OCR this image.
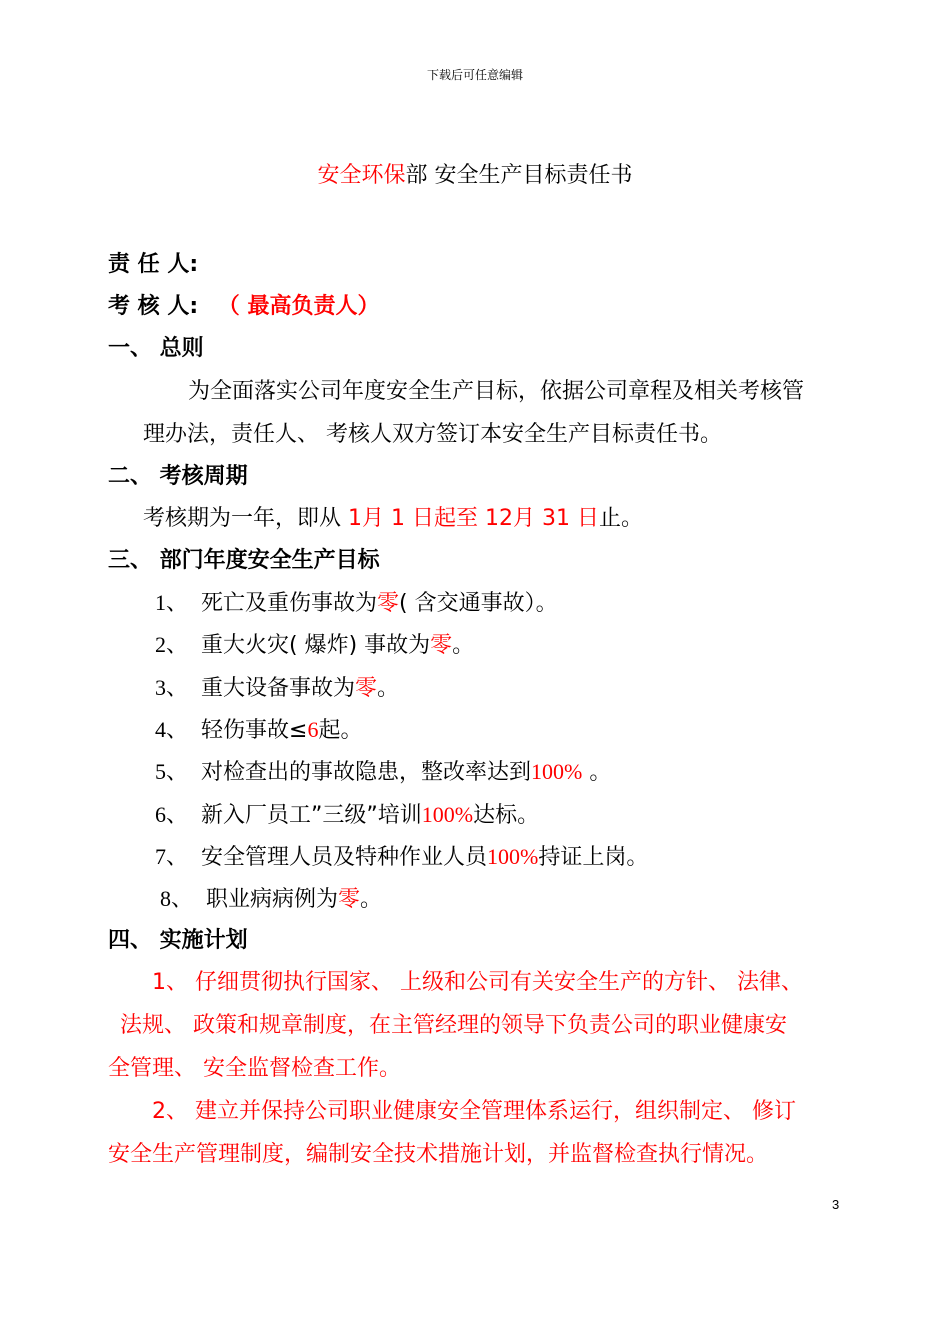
下载后可任意编辑
安全环保部 安全生产目标责任书
责 任 人:
考 核 人: （ 最高负责人）
一、 总则
为全面落实公司年度安全生产目标，依据公司章程及相关考核管
理办法，责任人、 考核人双方签订本安全生产目标责任书。
二、 考核周期
考核期为一年，即从 1月 1 日起至 12月 31 日止。
三、 部门年度安全生产目标
1、 死亡及重伤事故为零( 含交通事故）。
2、 重大火灾( 爆炸) 事故为零。
3、 重大设备事故为零。
4、 轻伤事故≤6起。
5、 对检查出的事故隐患，整改率达到100% 。
6、 新入厂员工”三级”培训100%达标。
7、 安全管理人员及特种作业人员100%持证上岗。
8、 职业病病例为零。
四、 实施计划
1、 仔细贯彻执行国家、 上级和公司有关安全生产的方针、 法律、
法规、 政策和规章制度，在主管经理的领导下负责公司的职业健康安
全管理、 安全监督检查工作。
2、 建立并保持公司职业健康安全管理体系运行，组织制定、 修订
安全生产管理制度，编制安全技术措施计划，并监督检查执行情况。
3
